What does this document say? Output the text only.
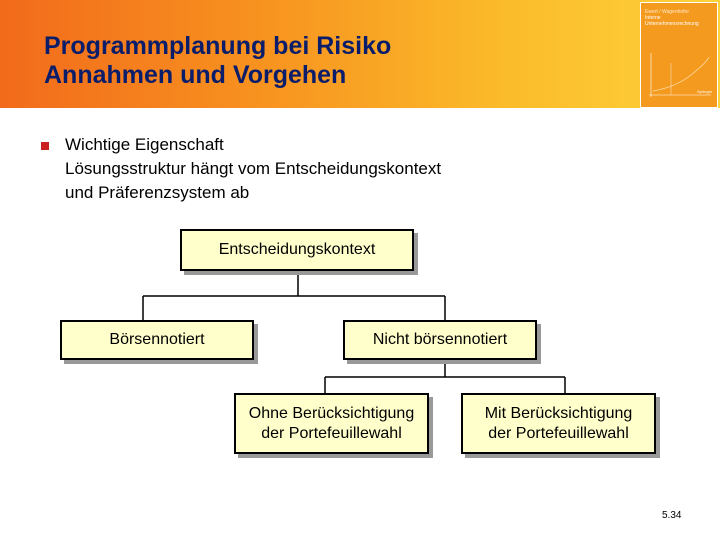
Programmplanung bei Risiko
Annahmen und Vorgehen
Ewert / Wagenhofer
Interne
Unternehmensrechnung
Springer
Wichtige Eigenschaft
Lösungsstruktur hängt vom Entscheidungskontext
und Präferenzsystem ab
Entscheidungskontext
Börsennotiert	Nicht börsennotiert
Ohne Berücksichtigung
der Portefeuillewahl
Mit Berücksichtigung
der Portefeuillewahl
5.34
